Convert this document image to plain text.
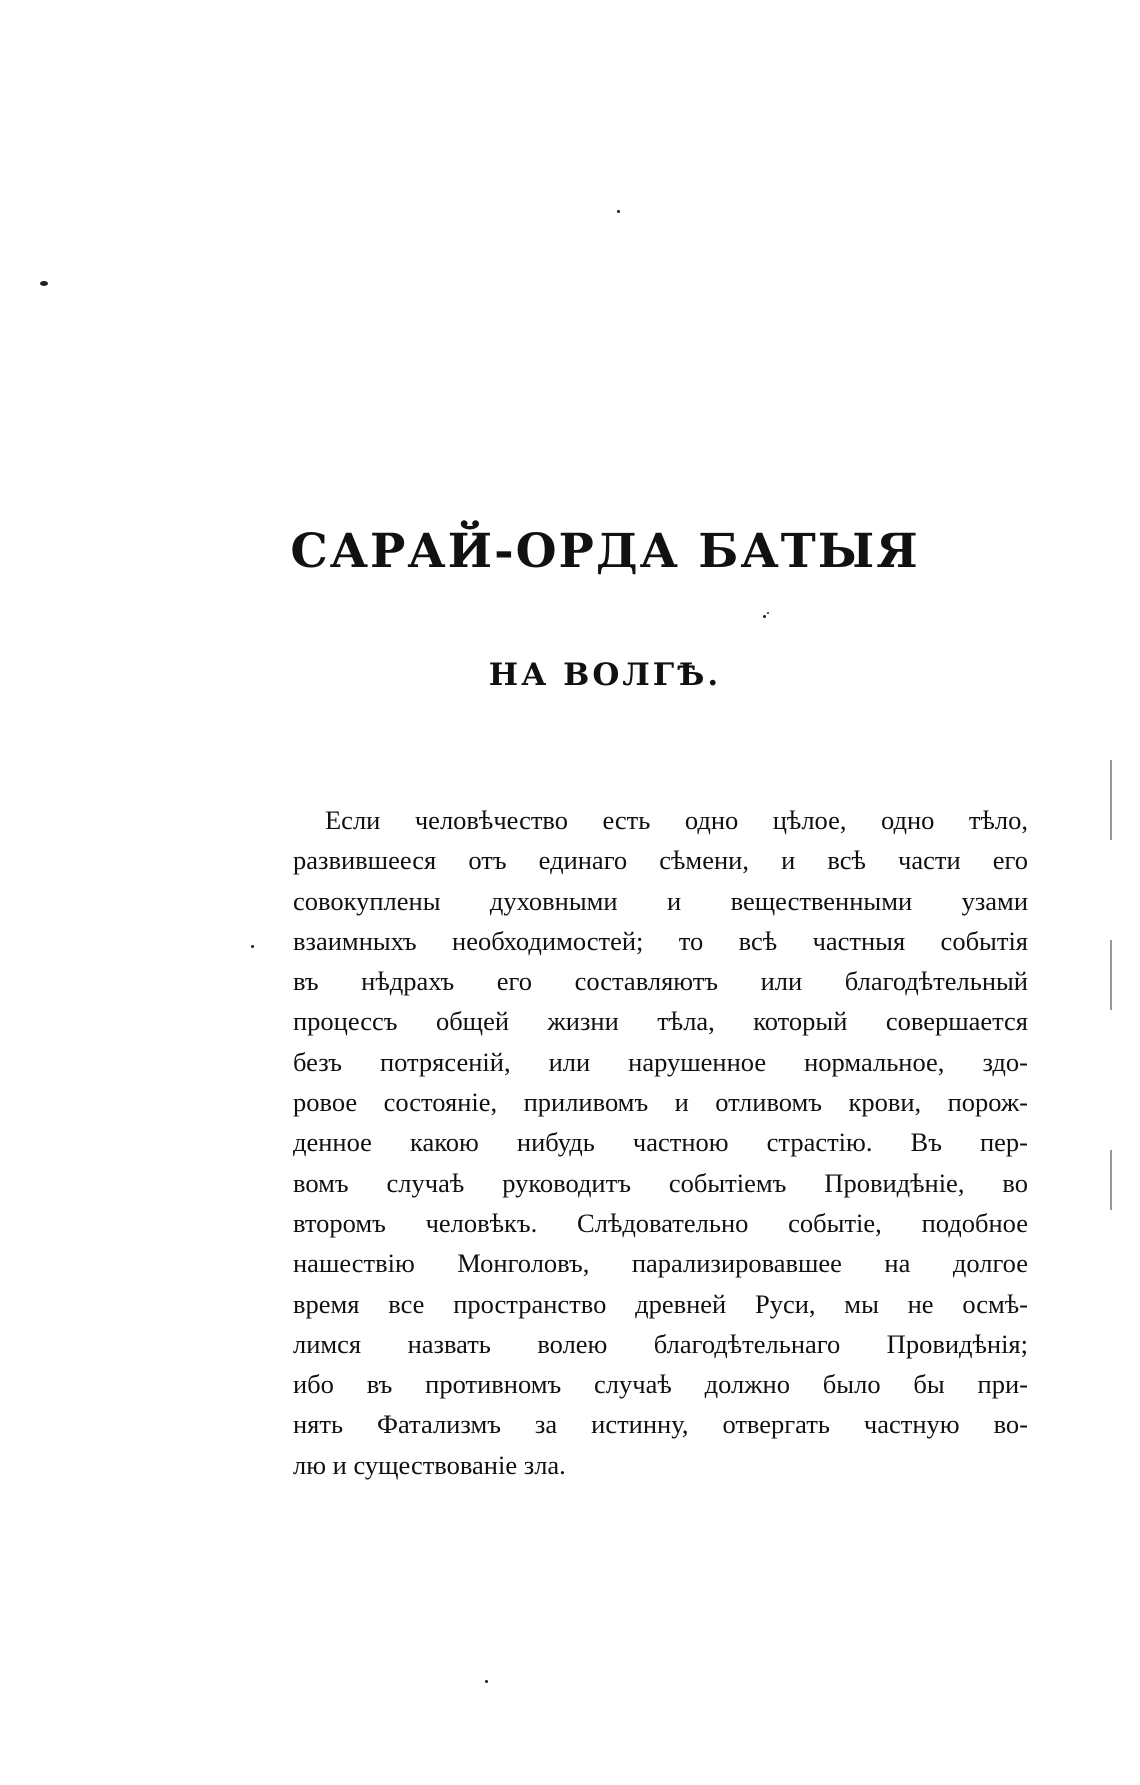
САРАЙ-ОРДА БАТЫЯ
НА ВОЛГѢ.

Если человѣчество есть одно цѣлое, одно тѣло,
развившееся отъ единаго сѣмени, и всѣ части его
совокуплены духовными и вещественными узами
взаимныхъ необходимостей; то всѣ частныя событія
въ нѣдрахъ его составляютъ или благодѣтельный
процессъ общей жизни тѣла, который совершается
безъ потрясеній, или нарушенное нормальное, здо-
ровое состояніе, приливомъ и отливомъ крови, порож-
денное какою нибудь частною страстію. Въ пер-
вомъ случаѣ руководитъ событіемъ Провидѣніе, во
второмъ человѣкъ. Слѣдовательно событіе, подобное
нашествію Монголовъ, парализировавшее на долгое
время все пространство древней Руси, мы не осмѣ-
лимся назвать волею благодѣтельнаго Провидѣнія;
ибо въ противномъ случаѣ должно было бы при-
нять Фатализмъ за истинну, отвергать частную во-
лю и существованіе зла.
